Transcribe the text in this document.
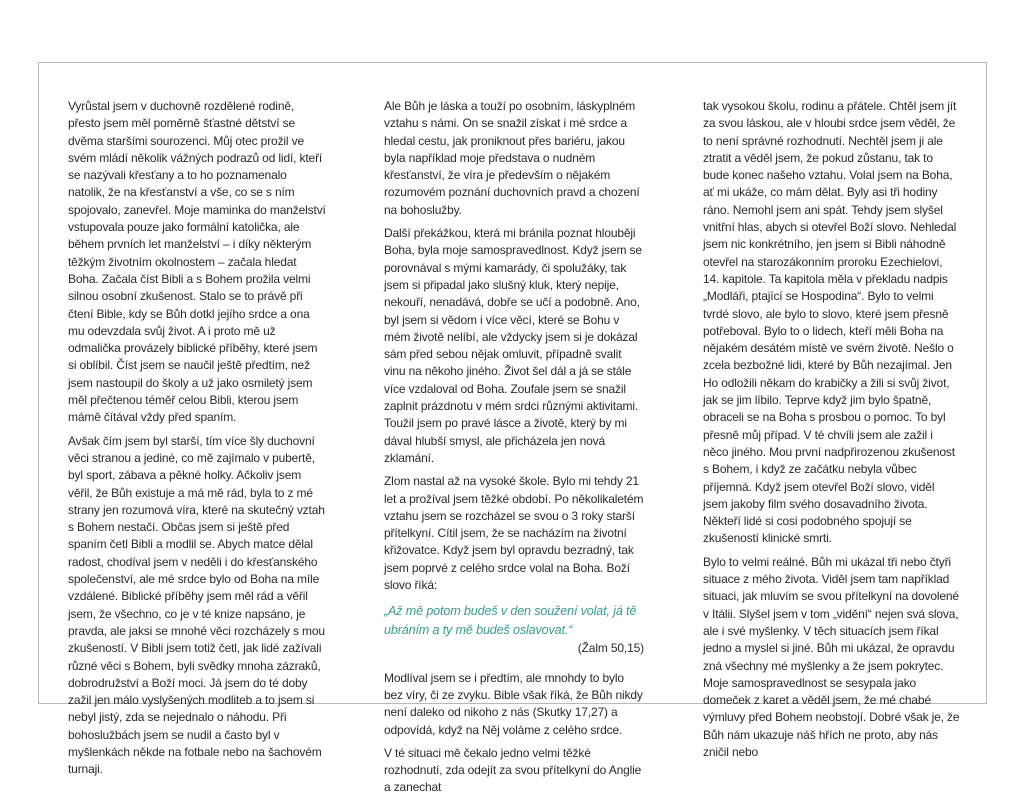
Vyrůstal jsem v duchovně rozdělené rodině, přesto jsem měl poměrně šťastné dětství se dvěma staršími sourozenci. Můj otec prožil ve svém mládí několik vážných podrazů od lidí, kteří se nazývali křesťany a to ho poznamenalo natolik, že na křesťanství a vše, co se s ním spojovalo, zanevřel. Moje maminka do manželství vstupovala pouze jako formální katolička, ale během prvních let manželství – i díky některým těžkým životním okolnostem – začala hledat Boha. Začala číst Bibli a s Bohem prožila velmi silnou osobní zkušenost. Stalo se to právě při čtení Bible, kdy se Bůh dotkl jejího srdce a ona mu odevzdala svůj život. A i proto mě už odmalička provázely biblické příběhy, které jsem si oblíbil. Číst jsem se naučil ještě předtím, než jsem nastoupil do školy a už jako osmiletý jsem měl přečtenou téměř celou Bibli, kterou jsem mámě čítával vždy před spaním.

Avšak čím jsem byl starší, tím více šly duchovní věci stranou a jediné, co mě zajímalo v pubertě, byl sport, zábava a pěkné holky. Ačkoliv jsem věřil, že Bůh existuje a má mě rád, byla to z mé strany jen rozumová víra, které na skutečný vztah s Bohem nestačí. Občas jsem si ještě před spaním četl Bibli a modlil se. Abych matce dělal radost, chodíval jsem v neděli i do křesťanského společenství, ale mé srdce bylo od Boha na míle vzdálené. Biblické příběhy jsem měl rád a věřil jsem, že všechno, co je v té knize napsáno, je pravda, ale jaksi se mnohé věci rozcházely s mou zkušeností. V Bibli jsem totiž četl, jak lidé zažívali různé věci s Bohem, byli svědky mnoha zázraků, dobrodružství a Boží moci. Já jsem do té doby zažil jen málo vyslyšených modliteb a to jsem si nebyl jistý, zda se nejednalo o náhodu. Při bohoslužbách jsem se nudil a často byl v myšlenkách někde na fotbale nebo na šachovém turnaji.

Ale Bůh je láska a touží po osobním, láskyplném vztahu s námi. On se snažil získat i mé srdce a hledal cestu, jak proniknout přes bariéru, jakou byla například moje představa o nudném křesťanství, že víra je především o nějakém rozumovém poznání duchovních pravd a chození na bohoslužby.

Další překážkou, která mi bránila poznat hlouběji Boha, byla moje samospravedlnost. Když jsem se porovnával s mými kamarády, či spolužáky, tak jsem si připadal jako slušný kluk, který nepije, nekouří, nenadává, dobře se učí a podobně. Ano, byl jsem si vědom i více věcí, které se Bohu v mém životě nelíbí, ale vždycky jsem si je dokázal sám před sebou nějak omluvit, případně svalit vinu na někoho jiného. Život šel dál a já se stále více vzdaloval od Boha. Zoufale jsem se snažil zaplnit prázdnotu v mém srdci různými aktivitami. Toužil jsem po pravé lásce a životě, který by mi dával hlubší smysl, ale přicházela jen nová zklamání.

Zlom nastal až na vysoké škole. Bylo mi tehdy 21 let a prožíval jsem těžké období. Po několikaletém vztahu jsem se rozcházel se svou o 3 roky starší přítelkyní. Cítil jsem, že se nacházím na životní křižovatce. Když jsem byl opravdu bezradný, tak jsem poprvé z celého srdce volal na Boha. Boží slovo říká:

„Až mě potom budeš v den soužení volat, já tě ubráním a ty mě budeš oslavovat.“

(Žalm 50,15)

Modlíval jsem se i předtím, ale mnohdy to bylo bez víry, či ze zvyku. Bible však říká, že Bůh nikdy není daleko od nikoho z nás (Skutky 17,27) a odpovídá, když na Něj voláme z celého srdce.

V té situaci mě čekalo jedno velmi těžké rozhodnutí, zda odejít za svou přítelkyní do Anglie a zanechat

tak vysokou školu, rodinu a přátele. Chtěl jsem jít za svou láskou, ale v hloubi srdce jsem věděl, že to není správné rozhodnutí. Nechtěl jsem ji ale ztratit a věděl jsem, že pokud zůstanu, tak to bude konec našeho vztahu. Volal jsem na Boha, ať mi ukáže, co mám dělat. Byly asi tři hodiny ráno. Nemohl jsem ani spát. Tehdy jsem slyšel vnitřní hlas, abych si otevřel Boží slovo. Nehledal jsem nic konkrétního, jen jsem si Bibli náhodně otevřel na starozákonním proroku Ezechielovi, 14. kapitole. Ta kapitola měla v překladu nadpis „Modláři, ptající se Hospodina“. Bylo to velmi tvrdé slovo, ale bylo to slovo, které jsem přesně potřeboval. Bylo to o lidech, kteří měli Boha na nějakém desátém místě ve svém životě. Nešlo o zcela bezbožné lidi, které by Bůh nezajímal. Jen Ho odložili někam do krabičky a žili si svůj život, jak se jim líbilo. Teprve když jim bylo špatně, obraceli se na Boha s prosbou o pomoc. To byl přesně můj případ. V té chvíli jsem ale zažil i něco jiného. Mou první nadpřirozenou zkušenost s Bohem, i když ze začátku nebyla vůbec příjemná. Když jsem otevřel Boží slovo, viděl jsem jakoby film svého dosavadního života. Někteří lidé si cosi podobného spojují se zkušeností klinické smrti.

Bylo to velmi reálné. Bůh mi ukázal tři nebo čtyři situace z mého života. Viděl jsem tam například situaci, jak mluvím se svou přítelkyní na dovolené v Itálii. Slyšel jsem v tom „vidění“ nejen svá slova, ale i své myšlenky. V těch situacích jsem říkal jedno a myslel si jiné. Bůh mi ukázal, že opravdu zná všechny mé myšlenky a že jsem pokrytec. Moje samospravedlnost se sesypala jako domeček z karet a věděl jsem, že mé chabé výmluvy před Bohem neobstojí. Dobré však je, že Bůh nám ukazuje náš hřích ne proto, aby nás zničil nebo
